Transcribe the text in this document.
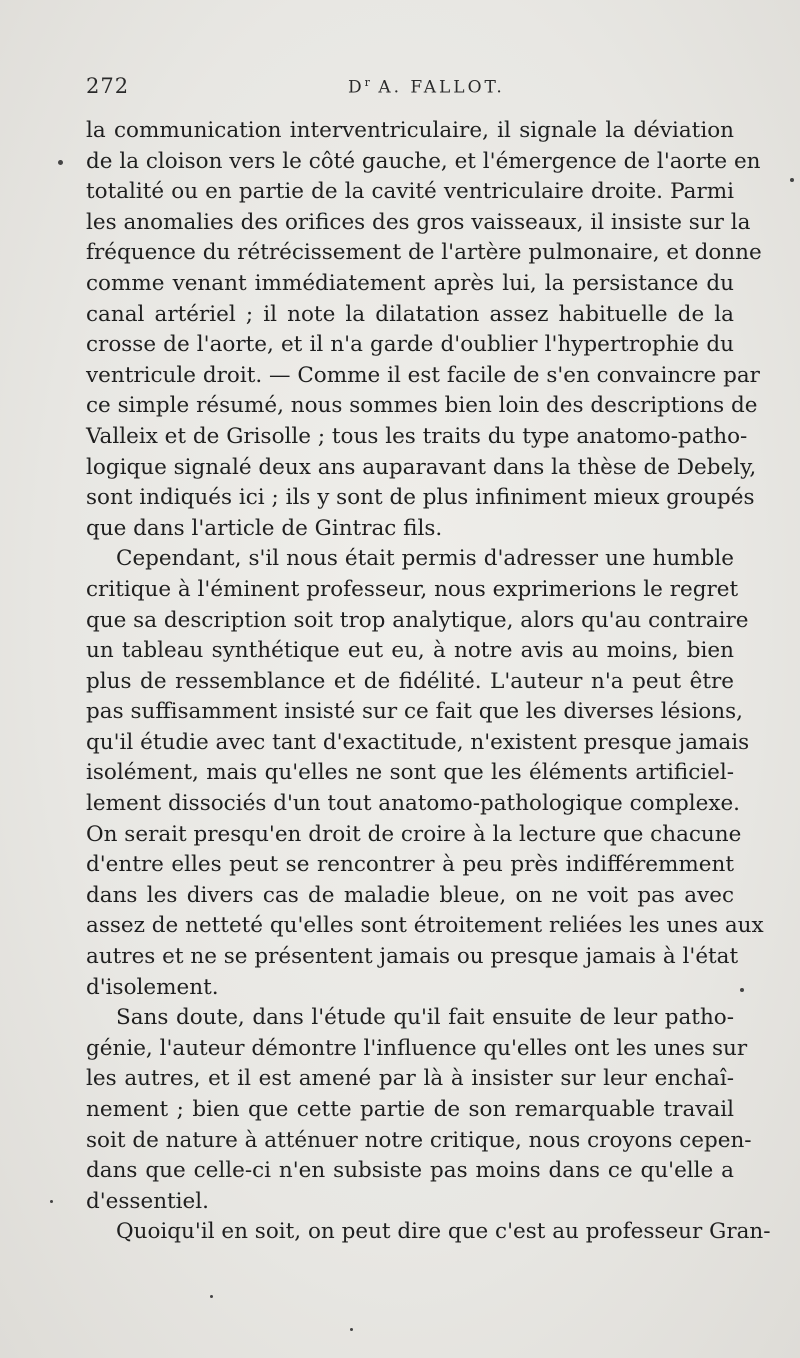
272	$D^r$ A. FALLOT.
la communication interventriculaire, il signale la déviation
de la cloison vers le côté gauche, et l'émergence de l'aorte en
totalité ou en partie de la cavité ventriculaire droite. Parmi
les anomalies des orifices des gros vaisseaux, il insiste sur la
fréquence du rétrécissement de l'artère pulmonaire, et donne
comme venant immédiatement après lui, la persistance du
canal artériel ; il note la dilatation assez habituelle de la
crosse de l'aorte, et il n'a garde d'oublier l'hypertrophie du
ventricule droit. — Comme il est facile de s'en convaincre par
ce simple résumé, nous sommes bien loin des descriptions de
Valleix et de Grisolle ; tous les traits du type anatomo-patho-
logique signalé deux ans auparavant dans la thèse de Debely,
sont indiqués ici ; ils y sont de plus infiniment mieux groupés
que dans l'article de Gintrac fils.
Cependant, s'il nous était permis d'adresser une humble
critique à l'éminent professeur, nous exprimerions le regret
que sa description soit trop analytique, alors qu'au contraire
un tableau synthétique eut eu, à notre avis au moins, bien
plus de ressemblance et de fidélité. L'auteur n'a peut être
pas suffisamment insisté sur ce fait que les diverses lésions,
qu'il étudie avec tant d'exactitude, n'existent presque jamais
isolément, mais qu'elles ne sont que les éléments artificiel-
lement dissociés d'un tout anatomo-pathologique complexe.
On serait presqu'en droit de croire à la lecture que chacune
d'entre elles peut se rencontrer à peu près indifféremment
dans les divers cas de maladie bleue, on ne voit pas avec
assez de netteté qu'elles sont étroitement reliées les unes aux
autres et ne se présentent jamais ou presque jamais à l'état
d'isolement.
Sans doute, dans l'étude qu'il fait ensuite de leur patho-
génie, l'auteur démontre l'influence qu'elles ont les unes sur
les autres, et il est amené par là à insister sur leur enchaî-
nement ; bien que cette partie de son remarquable travail
soit de nature à atténuer notre critique, nous croyons cepen-
dans que celle-ci n'en subsiste pas moins dans ce qu'elle a
d'essentiel.
Quoiqu'il en soit, on peut dire que c'est au professeur Gran-
